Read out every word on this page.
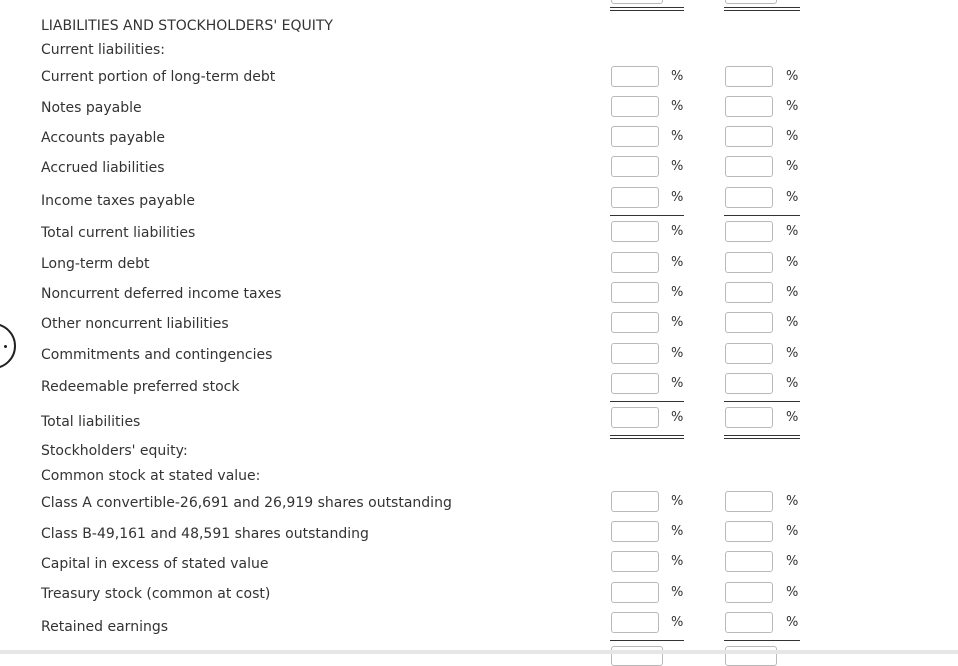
LIABILITIES AND STOCKHOLDERS' EQUITY
Current liabilities:
Stockholders' equity:
Common stock at stated value:
Current portion of long-term debt	%	%
Notes payable	%	%
Accounts payable	%	%
Accrued liabilities	%	%
Income taxes payable	%	%
Total current liabilities	%	%
Long-term debt	%	%
Noncurrent deferred income taxes	%	%
Other noncurrent liabilities	%	%
Commitments and contingencies	%	%
Redeemable preferred stock	%	%
Total liabilities	%	%
Class A convertible-26,691 and 26,919 shares outstanding	%	%
Class B-49,161 and 48,591 shares outstanding	%	%
Capital in excess of stated value	%	%
Treasury stock (common at cost)	%	%
Retained earnings	%	%
